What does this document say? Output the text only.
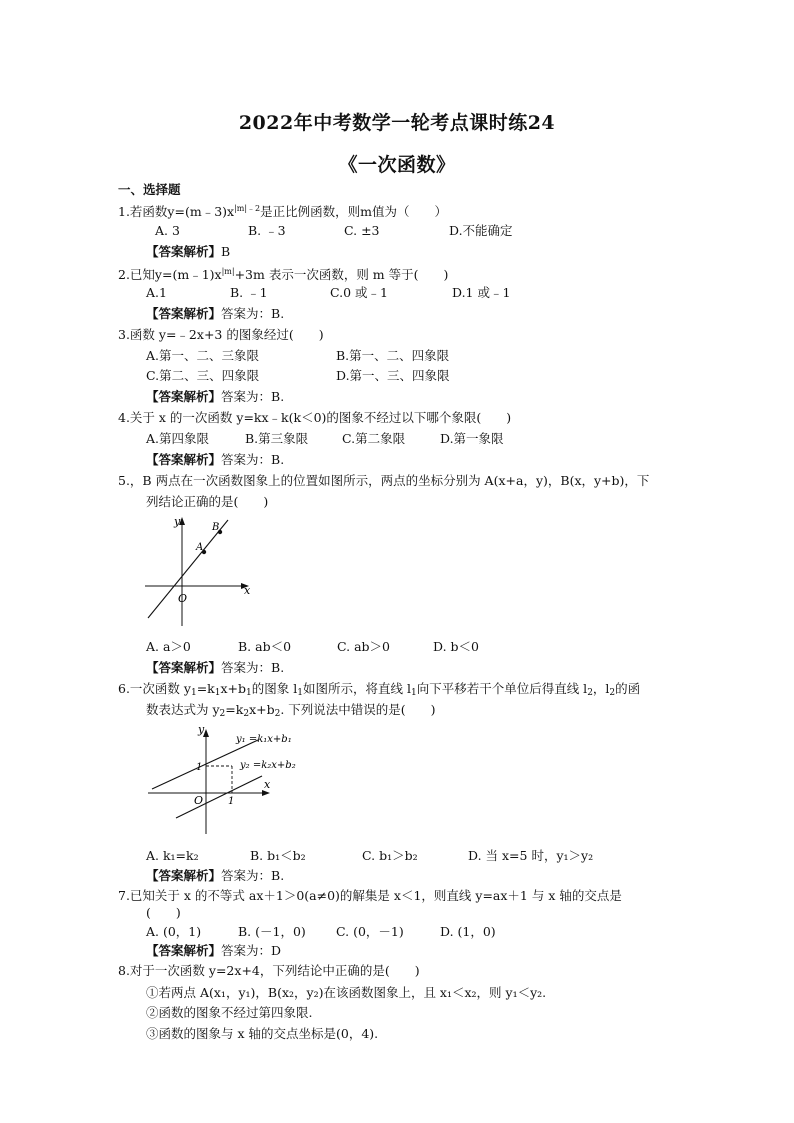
2022年中考数学一轮考点课时练24
《一次函数》
一、选择题
1.若函数$y=(m﹣3)x^{|m|﹣2}$是正比例函数，则m值为（　　）
A. 3	B. ﹣3	C. ±3	D.不能确定
【答案解析】B
2.已知$y=(m﹣1)x^{|m|}+3m$ 表示一次函数，则 m 等于(　　)
A.1	B. ﹣1	C.0 或﹣1	D.1 或﹣1
【答案解析】答案为：B.
3.函数 y=﹣2x+3 的图象经过(　　)
A.第一、二、三象限	B.第一、二、四象限
C.第二、三、四象限	D.第一、三、四象限
【答案解析】答案为：B.
4.关于 x 的一次函数 y=kx﹣k(k＜0)的图象不经过以下哪个象限(　　)
A.第四象限	B.第三象限	C.第二象限	D.第一象限
【答案解析】答案为：B.
5.，B 两点在一次函数图象上的位置如图所示，两点的坐标分别为 A(x+a，y)，B(x，y+b)，下
列结论正确的是(　　)
y
x
O
A
B
A. a＞0	B. ab＜0	C. ab＞0	D. b＜0
【答案解析】答案为：B.
6.一次函数 $y_1=k_1x+b_1$的图象 $l_1$如图所示，将直线 $l_1$向下平移若干个单位后得直线 $l_2$，$l_2$的函
数表达式为 $y_2=k_2x+b_2$. 下列说法中错误的是(　　)
y
x
O 1
1
y₁ =k₁x+b₁
y₂ =k₂x+b₂
A. k₁=k₂	B. b₁＜b₂	C. b₁＞b₂	D. 当 x=5 时，y₁＞y₂
【答案解析】答案为：B.
7.已知关于 x 的不等式 ax＋1＞0(a≠0)的解集是 x＜1，则直线 y=ax＋1 与 x 轴的交点是
(　　)
A. (0，1)	B. (－1，0) C. (0，－1)	D. (1，0)
【答案解析】答案为：D
8.对于一次函数 y=2x+4，下列结论中正确的是(　　)
①若两点 A(x₁，y₁)，B(x₂，y₂)在该函数图象上，且 x₁＜x₂，则 y₁＜y₂.
②函数的图象不经过第四象限.
③函数的图象与 x 轴的交点坐标是(0，4).
